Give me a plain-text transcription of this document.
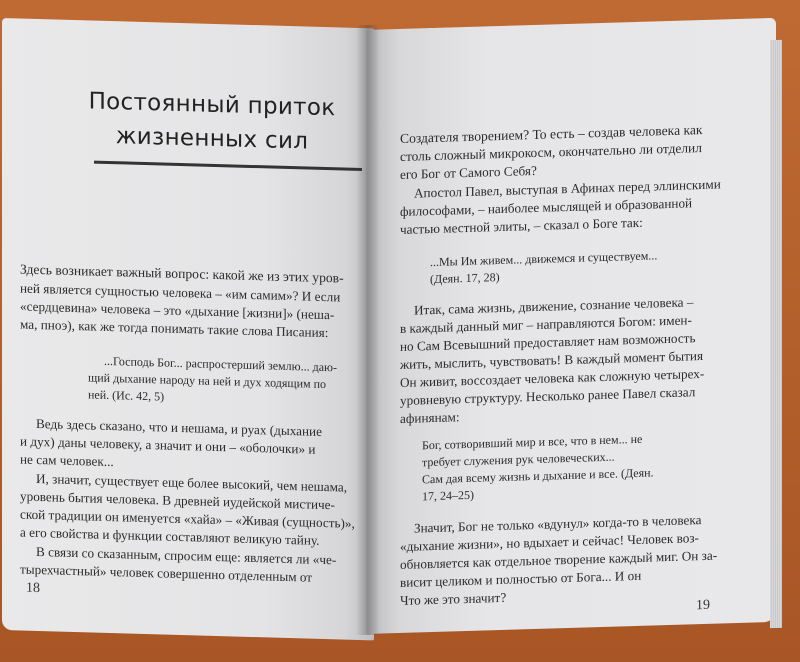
Постоянный приток
жизненных сил
Здесь возникает важный вопрос: какой же из этих уров-
ней является сущностью человека – «им самим»? И если
«сердцевина» человека – это «дыхание [жизни]» (неша-
ма, пноэ), как же тогда понимать такие слова Писания:
...Господь Бог... распростерший землю... даю-
щий дыхание народу на ней и дух ходящим по
ней. (Ис. 42, 5)
Ведь здесь сказано, что и нешама, и руах (дыхание
и дух) даны человеку, а значит и они – «оболочки» и
не сам человек...
И, значит, существует еще более высокий, чем нешама,
уровень бытия человека. В древней иудейской мистиче-
ской традиции он именуется «хайа» – «Живая (сущность)»,
а его свойства и функции составляют великую тайну.
В связи со сказанным, спросим еще: является ли «че-
тырехчастный» человек совершенно отделенным от
18
Создателя творением? То есть – создав человека как
столь сложный микрокосм, окончательно ли отделил
его Бог от Самого Себя?
Апостол Павел, выступая в Афинах перед эллинскими
философами, – наиболее мыслящей и образованной
частью местной элиты, – сказал о Боге так:
...Мы Им живем... движемся и существуем...
(Деян. 17, 28)
Итак, сама жизнь, движение, сознание человека –
в каждый данный миг – направляются Богом: имен-
но Сам Всевышний предоставляет нам возможность
жить, мыслить, чувствовать! В каждый момент бытия
Он живит, воссоздает человека как сложную четырех-
уровневую структуру. Несколько ранее Павел сказал
афинянам:
Бог, сотворивший мир и все, что в нем... не
требует служения рук человеческих...
Сам дая всему жизнь и дыхание и все. (Деян.
17, 24–25)
Значит, Бог не только «вдунул» когда-то в человека
«дыхание жизни», но вдыхает и сейчас! Человек воз-
обновляется как отдельное творение каждый миг. Он за-
висит целиком и полностью от Бога... И он
Что же это значит?	19
